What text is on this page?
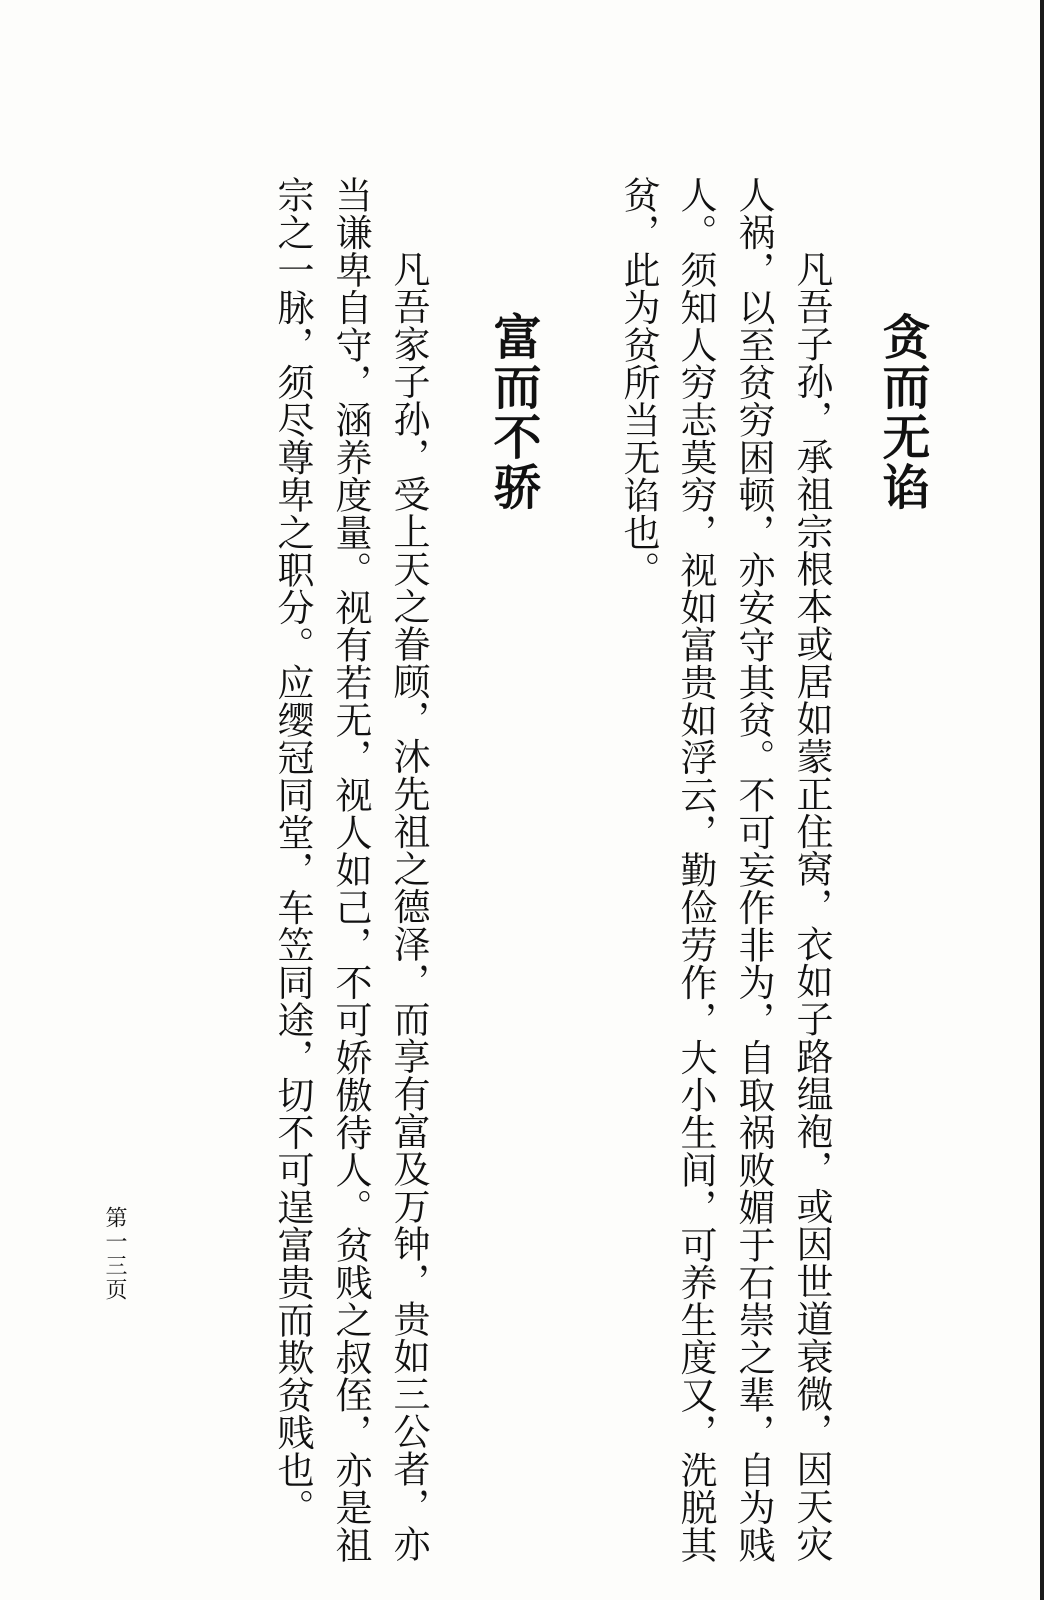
贪而无谄
凡吾子孙，承祖宗根本或居如蒙正住窝，衣如子路缊袍，或因世道衰微，因天灾
人祸，以至贫穷困顿，亦安守其贫。不可妄作非为，自取祸败媚于石崇之辈，自为贱
人。须知人穷志莫穷，视如富贵如浮云，勤俭劳作，大小生间，可养生度又，洗脱其
贫，此为贫所当无谄也。
富而不骄
凡吾家子孙，受上天之眷顾，沐先祖之德泽，而享有富及万钟，贵如三公者，亦
当谦卑自守，涵养度量。视有若无，视人如己，不可娇傲待人。贫贱之叔侄，亦是祖
宗之一脉，须尽尊卑之职分。应缨冠同堂，车笠同途，切不可逞富贵而欺贫贱也。
第一三页
